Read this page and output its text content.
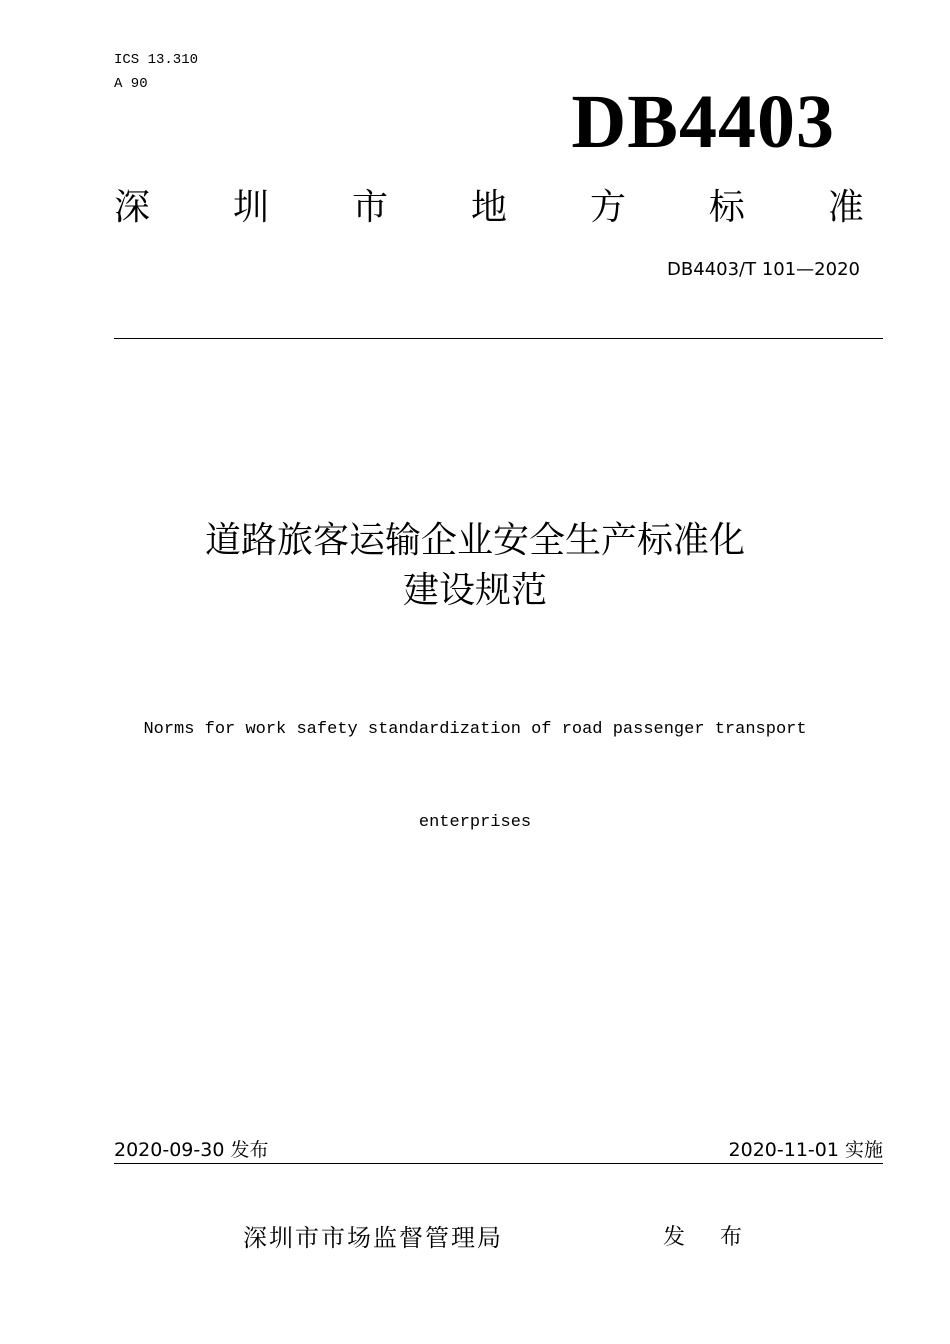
ICS 13.310
A 90	DB4403
深 圳 市 地 方 标 准
DB4403/T 101—2020
道路旅客运输企业安全生产标准化
建设规范

Norms for work safety standardization of road passenger transport

enterprises

2020-09-30 发布	2020-11-01 实施
深圳市市场监督管理局	发 布
